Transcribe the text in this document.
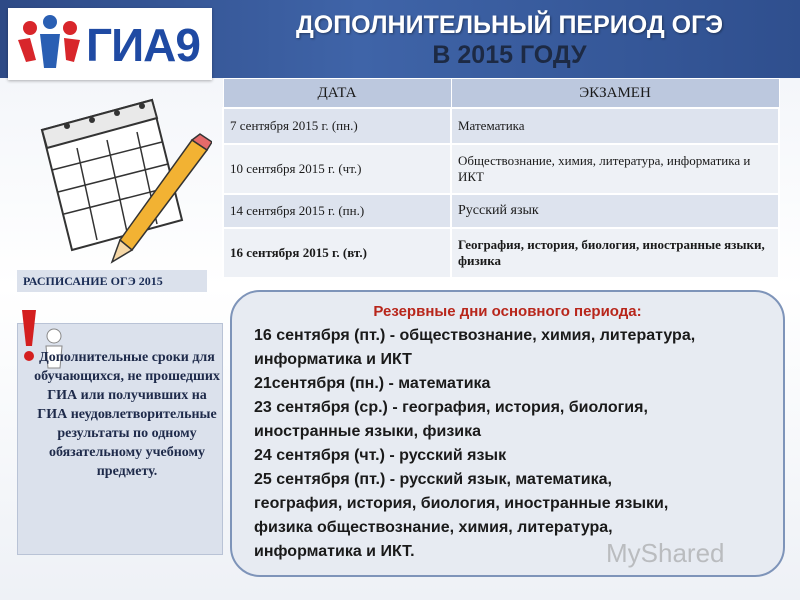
ГИА9	ДОПОЛНИТЕЛЬНЫЙ ПЕРИОД ОГЭ
В 2015 ГОДУ
ДАТА	ЭКЗАМЕН
7 сентября 2015 г. (пн.)	Математика
10 сентября 2015 г. (чт.)	Обществознание, химия, литература, информатика и ИКТ
14 сентября 2015 г. (пн.)	Русский язык
16 сентября 2015 г. (вт.)	География, история, биология, иностранные языки, физика
РАСПИСАНИЕ ОГЭ 2015
Дополнительные сроки для обучающихся, не прошедших ГИА или получивших на ГИА неудовлетворительные результаты по одному обязательному учебному предмету.
Резервные дни основного периода:
16 сентября (пт.) - обществознание, химия, литература,
информатика и ИКТ
21сентября (пн.) - математика
23 сентября (ср.) - география, история, биология,
иностранные языки, физика
24 сентября (чт.) - русский язык
25 сентября (пт.) - русский язык, математика,
география, история, биология, иностранные языки,
физика обществознание, химия, литература,
информатика и ИКТ.	MyShared
